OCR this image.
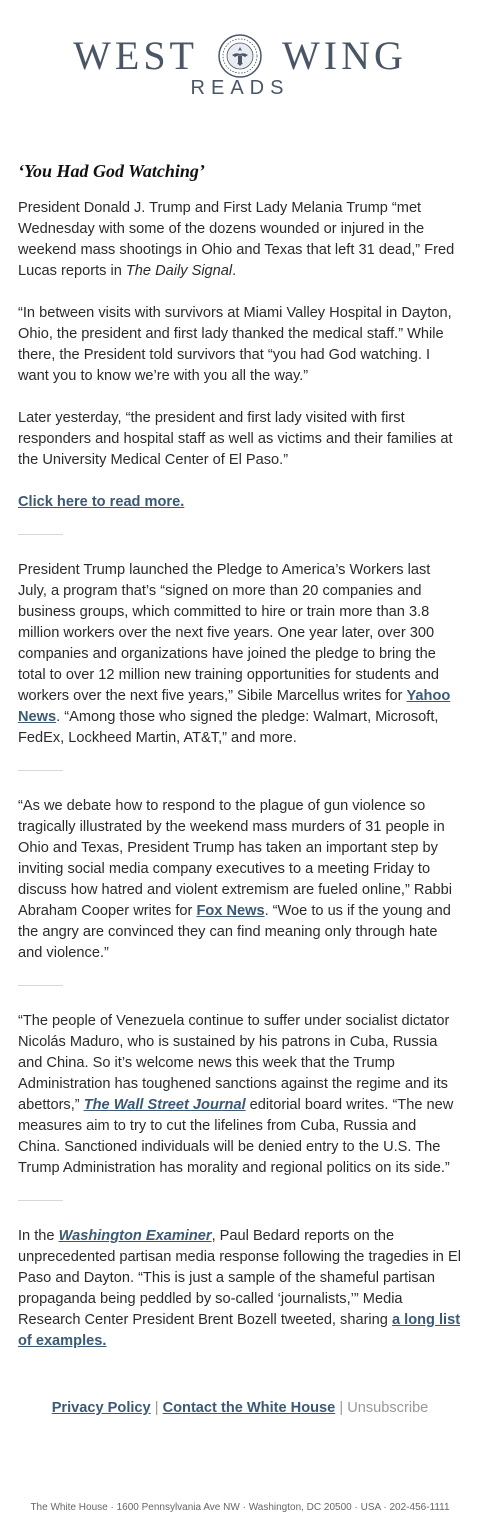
WEST WING
READS
‘You Had God Watching’

President Donald J. Trump and First Lady Melania Trump “met Wednesday with some of the dozens wounded or injured in the weekend mass shootings in Ohio and Texas that left 31 dead,” Fred Lucas reports in The Daily Signal.

“In between visits with survivors at Miami Valley Hospital in Dayton, Ohio, the president and first lady thanked the medical staff.” While there, the President told survivors that “you had God watching. I want you to know we’re with you all the way.”

Later yesterday, “the president and first lady visited with first responders and hospital staff as well as victims and their families at the University Medical Center of El Paso.”

Click here to read more.

President Trump launched the Pledge to America’s Workers last July, a program that’s “signed on more than 20 companies and business groups, which committed to hire or train more than 3.8 million workers over the next five years. One year later, over 300 companies and organizations have joined the pledge to bring the total to over 12 million new training opportunities for students and workers over the next five years,” Sibile Marcellus writes for Yahoo News. “Among those who signed the pledge: Walmart, Microsoft, FedEx, Lockheed Martin, AT&T,” and more.

“As we debate how to respond to the plague of gun violence so tragically illustrated by the weekend mass murders of 31 people in Ohio and Texas, President Trump has taken an important step by inviting social media company executives to a meeting Friday to discuss how hatred and violent extremism are fueled online,” Rabbi Abraham Cooper writes for Fox News. “Woe to us if the young and the angry are convinced they can find meaning only through hate and violence.”

“The people of Venezuela continue to suffer under socialist dictator Nicolás Maduro, who is sustained by his patrons in Cuba, Russia and China. So it’s welcome news this week that the Trump Administration has toughened sanctions against the regime and its abettors,” The Wall Street Journal editorial board writes. “The new measures aim to try to cut the lifelines from Cuba, Russia and China. Sanctioned individuals will be denied entry to the U.S. The Trump Administration has morality and regional politics on its side.”

In the Washington Examiner, Paul Bedard reports on the unprecedented partisan media response following the tragedies in El Paso and Dayton. “This is just a sample of the shameful partisan propaganda being peddled by so-called ‘journalists,’” Media Research Center President Brent Bozell tweeted, sharing a long list of examples.

Privacy Policy | Contact the White House | Unsubscribe
The White House · 1600 Pennsylvania Ave NW · Washington, DC 20500 · USA · 202-456-1111
